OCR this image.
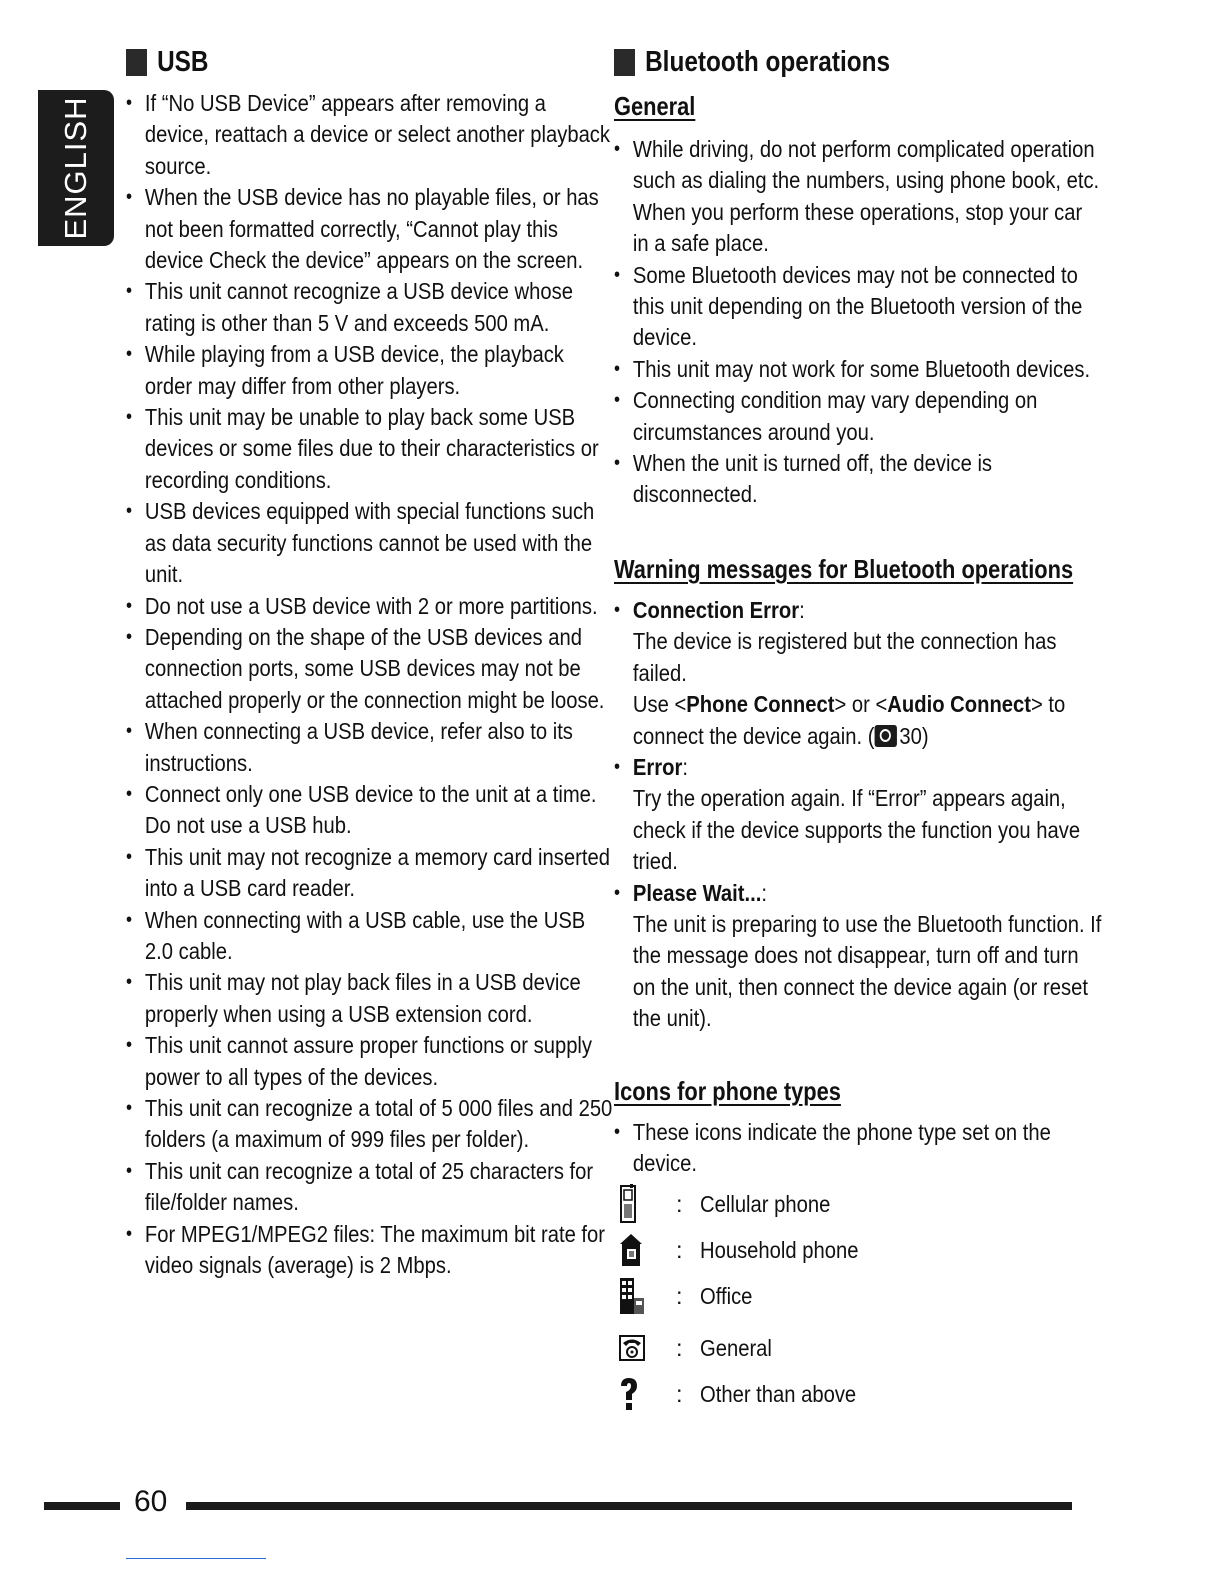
ENGLISH
USB
• If “No USB Device” appears after removing a device, reattach a device or select another playback source.
• When the USB device has no playable files, or has not been formatted correctly, “Cannot play this device Check the device” appears on the screen.
• This unit cannot recognize a USB device whose rating is other than 5 V and exceeds 500 mA.
• While playing from a USB device, the playback order may differ from other players.
• This unit may be unable to play back some USB devices or some files due to their characteristics or recording conditions.
• USB devices equipped with special functions such as data security functions cannot be used with the unit.
• Do not use a USB device with 2 or more partitions.
• Depending on the shape of the USB devices and connection ports, some USB devices may not be attached properly or the connection might be loose.
• When connecting a USB device, refer also to its instructions.
• Connect only one USB device to the unit at a time. Do not use a USB hub.
• This unit may not recognize a memory card inserted into a USB card reader.
• When connecting with a USB cable, use the USB 2.0 cable.
• This unit may not play back files in a USB device properly when using a USB extension cord.
• This unit cannot assure proper functions or supply power to all types of the devices.
• This unit can recognize a total of 5 000 files and 250 folders (a maximum of 999 files per folder).
• This unit can recognize a total of 25 characters for file/folder names.
• For MPEG1/MPEG2 files: The maximum bit rate for video signals (average) is 2 Mbps.
Bluetooth operations
General
• While driving, do not perform complicated operation such as dialing the numbers, using phone book, etc. When you perform these operations, stop your car in a safe place.
• Some Bluetooth devices may not be connected to this unit depending on the Bluetooth version of the device.
• This unit may not work for some Bluetooth devices.
• Connecting condition may vary depending on circumstances around you.
• When the unit is turned off, the device is disconnected.
Warning messages for Bluetooth operations
• Connection Error:
The device is registered but the connection has failed.
Use <Phone Connect> or <Audio Connect> to connect the device again. ( 30)
• Error:
Try the operation again. If “Error” appears again, check if the device supports the function you have tried.
• Please Wait...:
The unit is preparing to use the Bluetooth function. If the message does not disappear, turn off and turn on the unit, then connect the device again (or reset the unit).
Icons for phone types
• These icons indicate the phone type set on the device.
: Cellular phone
: Household phone
: Office
: General
: Other than above
60
